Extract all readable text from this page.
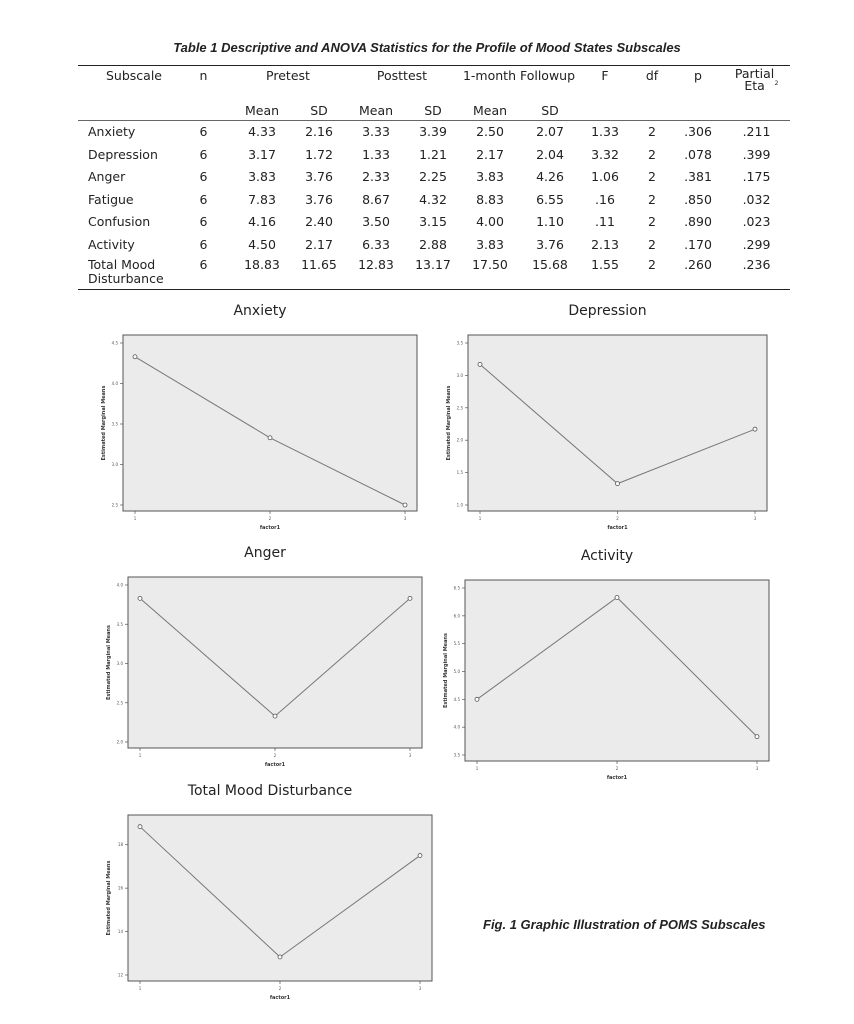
Table 1 Descriptive and ANOVA Statistics for the Profile of Mood States Subscales
Subscale	n	Pretest		Posttest		1-month Followup		F	df	p	Partial Eta $^2$
		Mean	SD	Mean	SD	Mean	SD				
Anxiety	6	4.33	2.16	3.33	3.39	2.50	2.07	1.33	2	.306	.211
Depression	6	3.17	1.72	1.33	1.21	2.17	2.04	3.32	2	.078	.399
Anger	6	3.83	3.76	2.33	2.25	3.83	4.26	1.06	2	.381	.175
Fatigue	6	7.83	3.76	8.67	4.32	8.83	6.55	.16	2	.850	.032
Confusion	6	4.16	2.40	3.50	3.15	4.00	1.10	.11	2	.890	.023
Activity	6	4.50	2.17	6.33	2.88	3.83	3.76	2.13	2	.170	.299
Total Mood Disturbance	6	18.83	11.65	12.83	13.17	17.50	15.68	1.55	2	.260	.236
Anxiety
2.5
3.0
3.5
4.0
4.5
1	2	3
factor1
Estimated Marginal Means
Depression
1.0
1.5
2.0
2.5
3.0
3.5
1	2	3
factor1
Estimated Marginal Means
Anger
2.0
2.5
3.0
3.5
4.0
1	2	3
factor1
Estimated Marginal Means
Activity
3.5
4.0
4.5
5.0
5.5
6.0
6.5
1	2	3
factor1
Estimated Marginal Means
Total Mood Disturbance
12
14
16
18
1	2	3
factor1
Estimated Marginal Means	Fig. 1 Graphic Illustration of POMS Subscales
